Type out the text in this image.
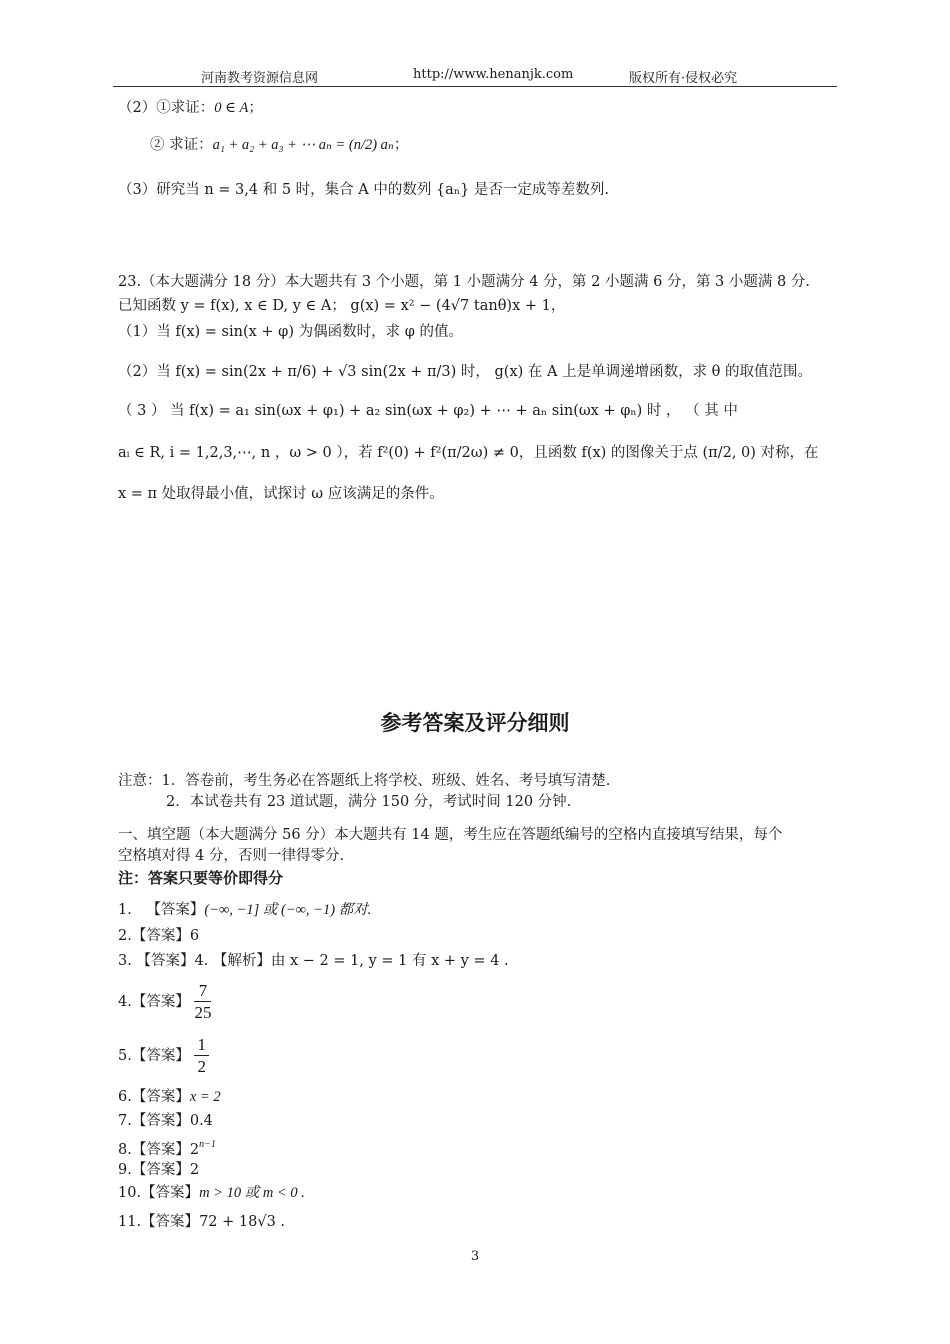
河南教考资源信息网	http://www.henanjk.com	版权所有·侵权必究
（2）①求证：0 ∈ A；
② 求证：a₁ + a₂ + a₃ + ⋯ aₙ = (n/2) aₙ；
（3）研究当 n = 3,4 和 5 时，集合 A 中的数列 {aₙ} 是否一定成等差数列.
23.（本大题满分 18 分）本大题共有 3 个小题，第 1 小题满分 4 分，第 2 小题满 6 分，第 3 小题满 8 分.
已知函数 y = f(x), x ∈ D, y ∈ A； g(x) = x² − (4√7 tanθ)x + 1，
（1）当 f(x) = sin(x + φ) 为偶函数时，求 φ 的值。
（2）当 f(x) = sin(2x + π/6) + √3 sin(2x + π/3) 时， g(x) 在 A 上是单调递增函数，求 θ 的取值范围。
（ 3 ） 当 f(x) = a₁ sin(ωx + φ₁) + a₂ sin(ωx + φ₂) + ⋯ + aₙ sin(ωx + φₙ) 时 ， （ 其 中
aᵢ ∈ R, i = 1,2,3,⋯, n ，ω > 0 ），若 f²(0) + f²(π/2ω) ≠ 0，且函数 f(x) 的图像关于点 (π/2, 0) 对称，在
x = π 处取得最小值，试探讨 ω 应该满足的条件。
参考答案及评分细则
注意：1．答卷前，考生务必在答题纸上将学校、班级、姓名、考号填写清楚.
2．本试卷共有 23 道试题，满分 150 分，考试时间 120 分钟.
一、填空题（本大题满分 56 分）本大题共有 14 题，考生应在答题纸编号的空格内直接填写结果，每个
空格填对得 4 分，否则一律得零分.
注：答案只要等价即得分
1． 【答案】(−∞, −1] 或 (−∞, −1) 都对.
2.【答案】6
3. 【答案】4. 【解析】由 x − 2 = 1, y = 1 有 x + y = 4 .
4.【答案】 $\frac{7}{25}$
5.【答案】 $\frac{1}{2}$
6.【答案】x = 2
7.【答案】0.4
8.【答案】$2^{n-1}$
9.【答案】2
10.【答案】m > 10 或 m < 0 .
11.【答案】72 + 18√3 .
3
